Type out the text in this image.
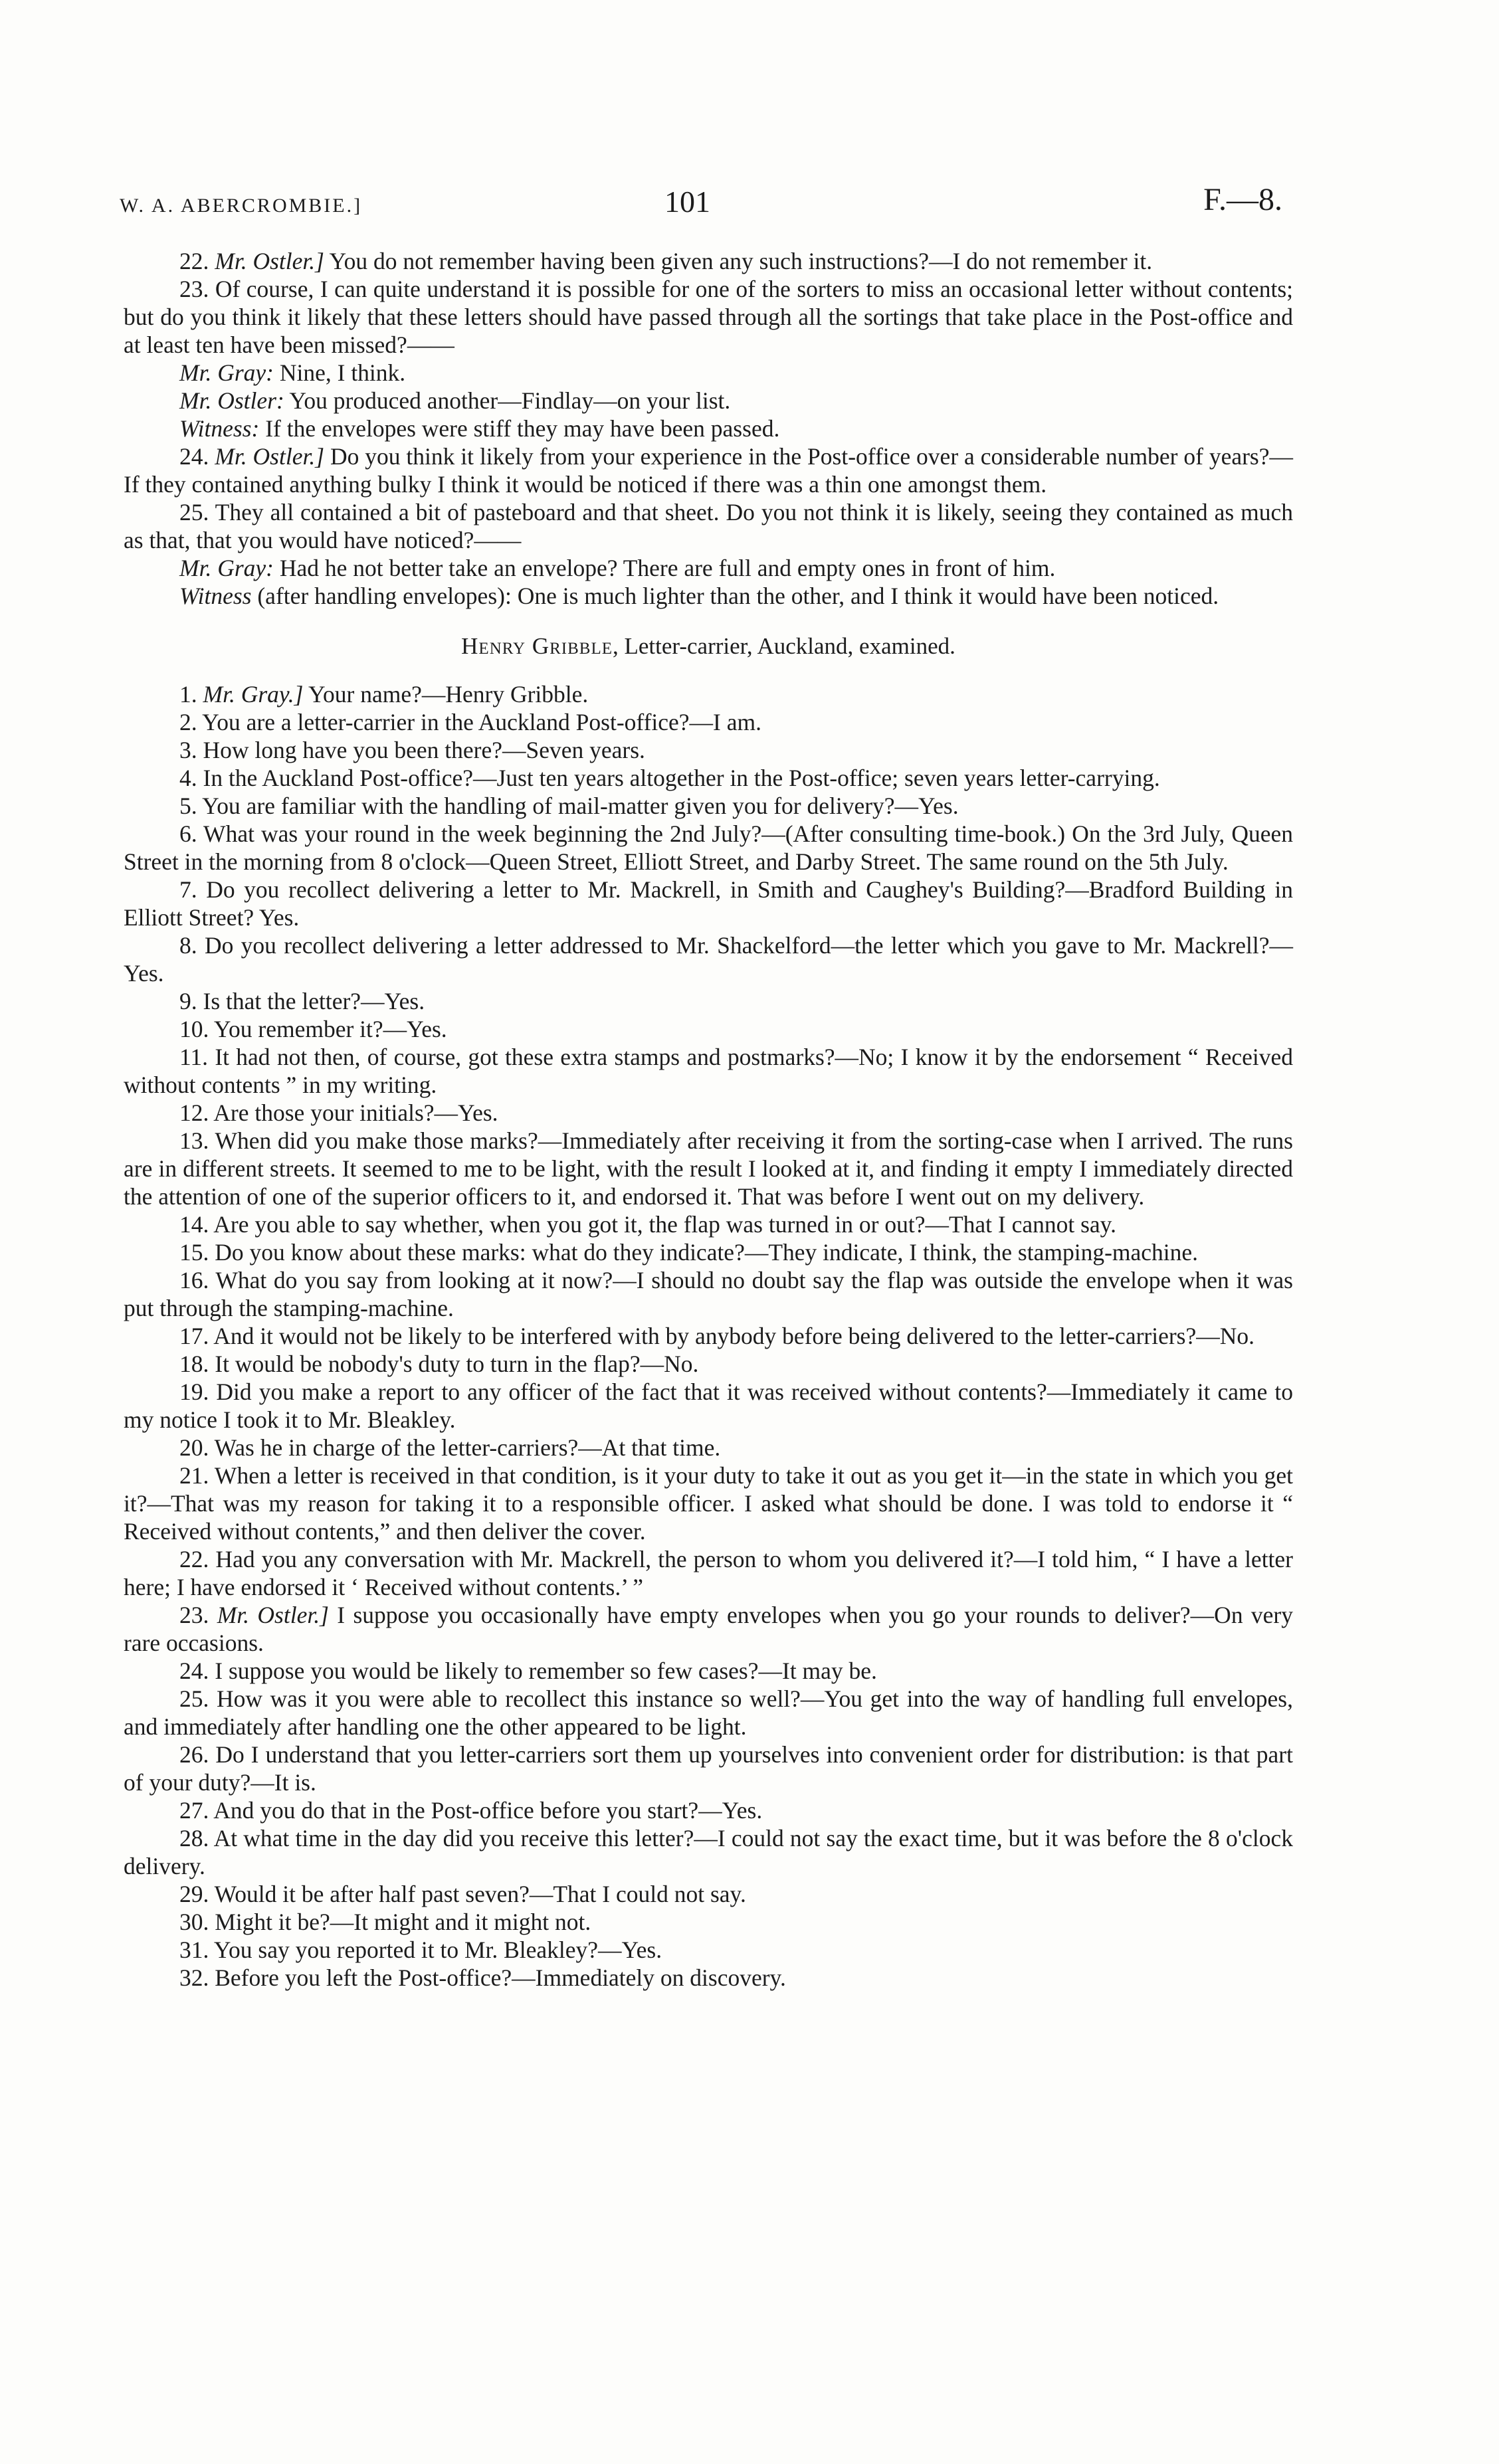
W. A. ABERCROMBIE.]	101	F.—8.

22. Mr. Ostler.] You do not remember having been given any such instructions?—I do not remember it.

23. Of course, I can quite understand it is possible for one of the sorters to miss an occasional letter without contents; but do you think it likely that these letters should have passed through all the sortings that take place in the Post-office and at least ten have been missed?——

Mr. Gray: Nine, I think.

Mr. Ostler: You produced another—Findlay—on your list.

Witness: If the envelopes were stiff they may have been passed.

24. Mr. Ostler.] Do you think it likely from your experience in the Post-office over a considerable number of years?—If they contained anything bulky I think it would be noticed if there was a thin one amongst them.

25. They all contained a bit of pasteboard and that sheet. Do you not think it is likely, seeing they contained as much as that, that you would have noticed?——

Mr. Gray: Had he not better take an envelope? There are full and empty ones in front of him.

Witness (after handling envelopes): One is much lighter than the other, and I think it would have been noticed.

Henry Gribble, Letter-carrier, Auckland, examined.

1. Mr. Gray.] Your name?—Henry Gribble.

2. You are a letter-carrier in the Auckland Post-office?—I am.

3. How long have you been there?—Seven years.

4. In the Auckland Post-office?—Just ten years altogether in the Post-office; seven years letter-carrying.

5. You are familiar with the handling of mail-matter given you for delivery?—Yes.

6. What was your round in the week beginning the 2nd July?—(After consulting time-book.) On the 3rd July, Queen Street in the morning from 8 o'clock—Queen Street, Elliott Street, and Darby Street. The same round on the 5th July.

7. Do you recollect delivering a letter to Mr. Mackrell, in Smith and Caughey's Building?—Bradford Building in Elliott Street? Yes.

8. Do you recollect delivering a letter addressed to Mr. Shackelford—the letter which you gave to Mr. Mackrell?—Yes.

9. Is that the letter?—Yes.

10. You remember it?—Yes.

11. It had not then, of course, got these extra stamps and postmarks?—No; I know it by the endorsement “ Received without contents ” in my writing.

12. Are those your initials?—Yes.

13. When did you make those marks?—Immediately after receiving it from the sorting-case when I arrived. The runs are in different streets. It seemed to me to be light, with the result I looked at it, and finding it empty I immediately directed the attention of one of the superior officers to it, and endorsed it. That was before I went out on my delivery.

14. Are you able to say whether, when you got it, the flap was turned in or out?—That I cannot say.

15. Do you know about these marks: what do they indicate?—They indicate, I think, the stamping-machine.

16. What do you say from looking at it now?—I should no doubt say the flap was outside the envelope when it was put through the stamping-machine.

17. And it would not be likely to be interfered with by anybody before being delivered to the letter-carriers?—No.

18. It would be nobody's duty to turn in the flap?—No.

19. Did you make a report to any officer of the fact that it was received without contents?—Immediately it came to my notice I took it to Mr. Bleakley.

20. Was he in charge of the letter-carriers?—At that time.

21. When a letter is received in that condition, is it your duty to take it out as you get it—in the state in which you get it?—That was my reason for taking it to a responsible officer. I asked what should be done. I was told to endorse it “ Received without contents,” and then deliver the cover.

22. Had you any conversation with Mr. Mackrell, the person to whom you delivered it?—I told him, “ I have a letter here; I have endorsed it ‘ Received without contents.’ ”

23. Mr. Ostler.] I suppose you occasionally have empty envelopes when you go your rounds to deliver?—On very rare occasions.

24. I suppose you would be likely to remember so few cases?—It may be.

25. How was it you were able to recollect this instance so well?—You get into the way of handling full envelopes, and immediately after handling one the other appeared to be light.

26. Do I understand that you letter-carriers sort them up yourselves into convenient order for distribution: is that part of your duty?—It is.

27. And you do that in the Post-office before you start?—Yes.

28. At what time in the day did you receive this letter?—I could not say the exact time, but it was before the 8 o'clock delivery.

29. Would it be after half past seven?—That I could not say.

30. Might it be?—It might and it might not.

31. You say you reported it to Mr. Bleakley?—Yes.

32. Before you left the Post-office?—Immediately on discovery.
